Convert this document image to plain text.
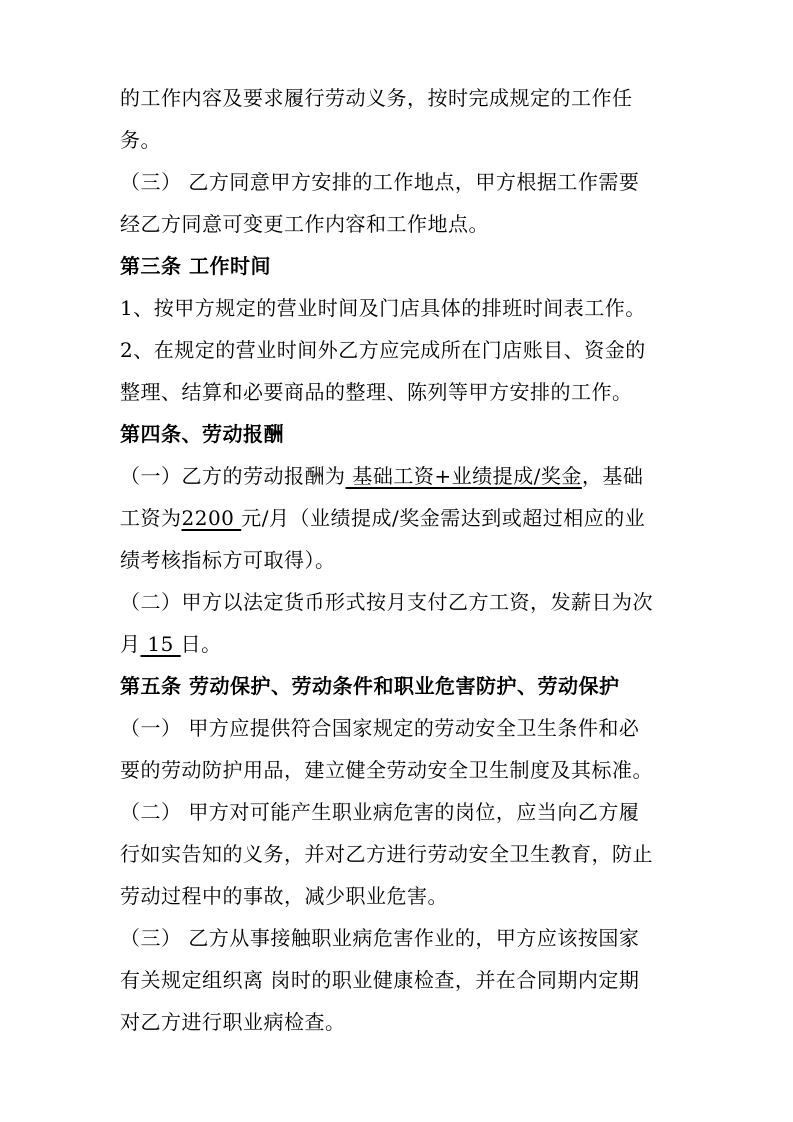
的工作内容及要求履行劳动义务，按时完成规定的工作任
务。
（三） 乙方同意甲方安排的工作地点，甲方根据工作需要
经乙方同意可变更工作内容和工作地点。
第三条 工作时间
1、按甲方规定的营业时间及门店具体的排班时间表工作。
2、在规定的营业时间外乙方应完成所在门店账目、资金的
整理、结算和必要商品的整理、陈列等甲方安排的工作。
第四条、劳动报酬
（一）乙方的劳动报酬为 基础工资+业绩提成/奖金，基础
工资为2200 元/月（业绩提成/奖金需达到或超过相应的业
绩考核指标方可取得）。
（二）甲方以法定货币形式按月支付乙方工资，发薪日为次
月 15 日。
第五条 劳动保护、劳动条件和职业危害防护、劳动保护
（一） 甲方应提供符合国家规定的劳动安全卫生条件和必
要的劳动防护用品，建立健全劳动安全卫生制度及其标准。
（二） 甲方对可能产生职业病危害的岗位，应当向乙方履
行如实告知的义务，并对乙方进行劳动安全卫生教育，防止
劳动过程中的事故，减少职业危害。
（三） 乙方从事接触职业病危害作业的，甲方应该按国家
有关规定组织离 岗时的职业健康检查，并在合同期内定期
对乙方进行职业病检查。
